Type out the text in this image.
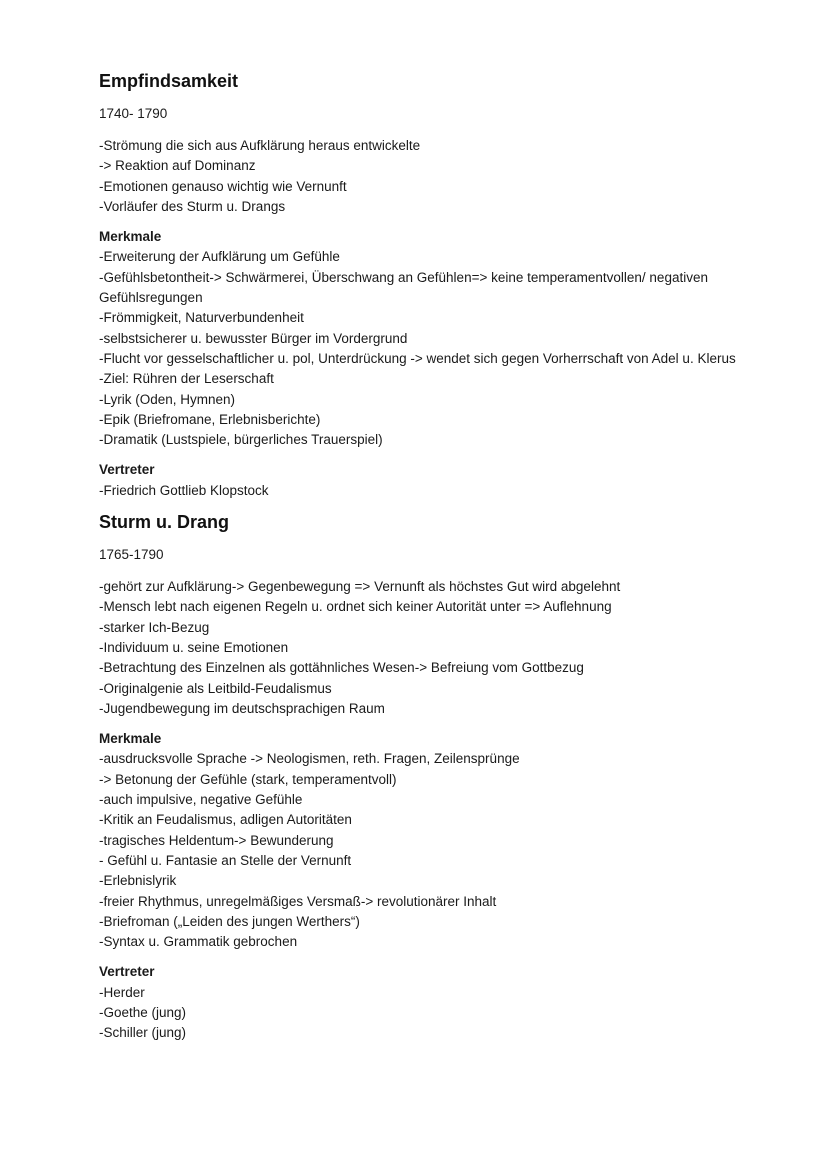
Empfindsamkeit

1740- 1790

-Strömung die sich aus Aufklärung heraus entwickelte

-> Reaktion auf Dominanz

-Emotionen genauso wichtig wie Vernunft

-Vorläufer des Sturm u. Drangs

Merkmale

-Erweiterung der Aufklärung um Gefühle

-Gefühlsbetontheit-> Schwärmerei, Überschwang an Gefühlen=> keine temperamentvollen/ negativen

Gefühlsregungen

-Frömmigkeit, Naturverbundenheit

-selbstsicherer u. bewusster Bürger im Vordergrund

-Flucht vor gesselschaftlicher u. pol, Unterdrückung -> wendet sich gegen Vorherrschaft von Adel u. Klerus

-Ziel: Rühren der Leserschaft

-Lyrik (Oden, Hymnen)

-Epik (Briefromane, Erlebnisberichte)

-Dramatik (Lustspiele, bürgerliches Trauerspiel)

Vertreter

-Friedrich Gottlieb Klopstock

Sturm u. Drang

1765-1790

-gehört zur Aufklärung-> Gegenbewegung => Vernunft als höchstes Gut wird abgelehnt

-Mensch lebt nach eigenen Regeln u. ordnet sich keiner Autorität unter => Auflehnung

-starker Ich-Bezug

-Individuum u. seine Emotionen

-Betrachtung des Einzelnen als gottähnliches Wesen-> Befreiung vom Gottbezug

-Originalgenie als Leitbild-Feudalismus

-Jugendbewegung im deutschsprachigen Raum

Merkmale

-ausdrucksvolle Sprache -> Neologismen, reth. Fragen, Zeilensprünge

-> Betonung der Gefühle (stark, temperamentvoll)

-auch impulsive, negative Gefühle

-Kritik an Feudalismus, adligen Autoritäten

-tragisches Heldentum-> Bewunderung

- Gefühl u. Fantasie an Stelle der Vernunft

-Erlebnislyrik

-freier Rhythmus, unregelmäßiges Versmaß-> revolutionärer Inhalt

-Briefroman („Leiden des jungen Werthers“)

-Syntax u. Grammatik gebrochen

Vertreter

-Herder

-Goethe (jung)

-Schiller (jung)
